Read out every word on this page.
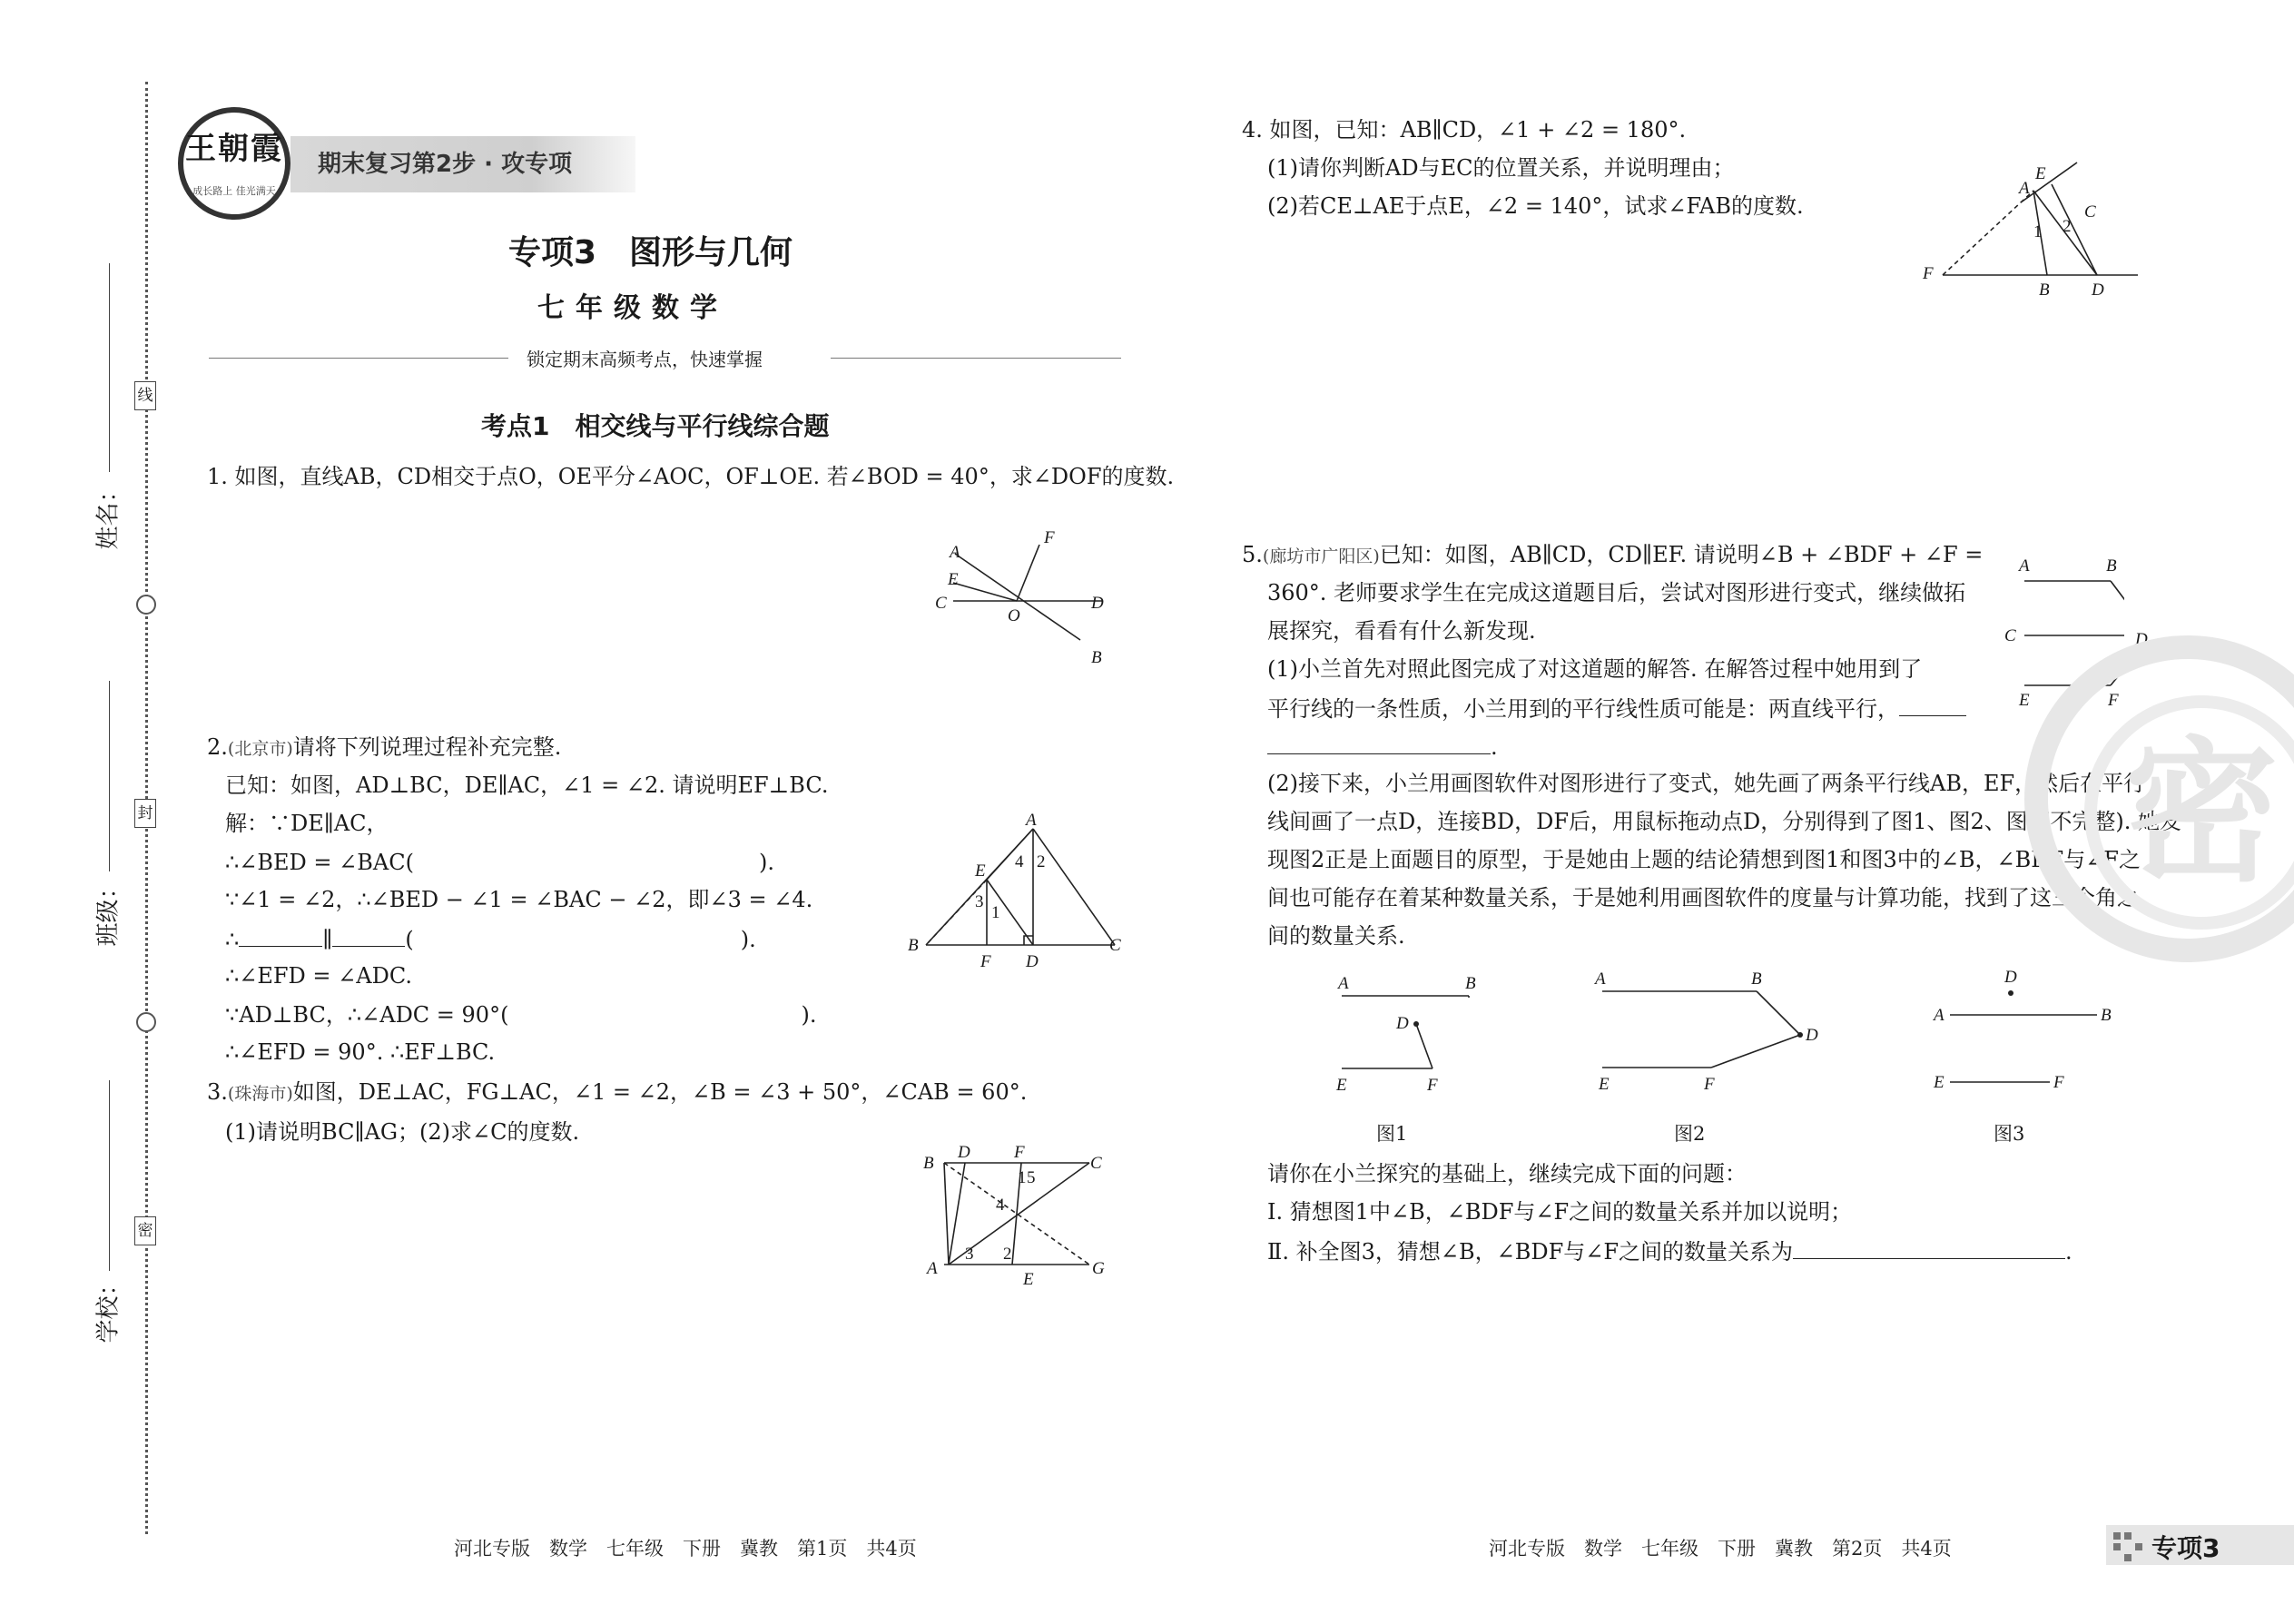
姓名：
班级：
学校：
线
封
密
期末复习第2步 · 攻专项
王朝霞
成长路上 佳光满天
专项3　图形与几何
七年级数学
锁定期末高频考点，快速掌握
考点1　相交线与平行线综合题
1. 如图，直线AB，CD相交于点O，OE平分∠AOC，OF⊥OE. 若∠BOD = 40°，求∠DOF的度数.
A
E
C
O
F
B
D
2.(北京市)请将下列说理过程补充完整.
已知：如图，AD⊥BC，DE∥AC，∠1 = ∠2. 请说明EF⊥BC.
解：∵DE∥AC，
∴∠BED = ∠BAC(	).
∵∠1 = ∠2，∴∠BED − ∠1 = ∠BAC − ∠2，即∠3 = ∠4.
∴	∥	(	).
∴∠EFD = ∠ADC.
∵AD⊥BC，∴∠ADC = 90°(	).
∴∠EFD = 90°. ∴EF⊥BC.
A
E
B
F D
C
4 2
3
1
3.(珠海市)如图，DE⊥AC，FG⊥AC，∠1 = ∠2，∠B = ∠3 + 50°，∠CAB = 60°.
(1)请说明BC∥AG；(2)求∠C的度数.
B
D	F
C
A
E
G
5
1
4
3 2
4. 如图，已知：AB∥CD，∠1 + ∠2 = 180°.
(1)请你判断AD与EC的位置关系，并说明理由；
(2)若CE⊥AE于点E，∠2 = 140°，试求∠FAB的度数.
F
A
E
C
B D
1 2
5.(廊坊市广阳区)已知：如图，AB∥CD，CD∥EF. 请说明∠B + ∠BDF + ∠F =
360°. 老师要求学生在完成这道题目后，尝试对图形进行变式，继续做拓
展探究，看看有什么新发现.
(1)小兰首先对照此图完成了对这道题的解答. 在解答过程中她用到了
平行线的一条性质，小兰用到的平行线性质可能是：两直线平行，
.
(2)接下来，小兰用画图软件对图形进行了变式，她先画了两条平行线AB，EF，然后在平行
线间画了一点D，连接BD，DF后，用鼠标拖动点D，分别得到了图1、图2、图3(不完整). 她发
现图2正是上面题目的原型，于是她由上题的结论猜想到图1和图3中的∠B，∠BDF与∠F之
间也可能存在着某种数量关系，于是她利用画图软件的度量与计算功能，找到了这三个角之
间的数量关系.
A	B
C
E	F
D
A	B
D
E	F
A	B
D
E	F
D
A	B
E	F
图1	图2	图3
请你在小兰探究的基础上，继续完成下面的问题：
Ⅰ. 猜想图1中∠B，∠BDF与∠F之间的数量关系并加以说明；
Ⅱ. 补全图3，猜想∠B，∠BDF与∠F之间的数量关系为	.
密
河北专版　数学　七年级　下册　冀教　第1页　共4页	河北专版　数学　七年级　下册　冀教　第2页　共4页	专项3
